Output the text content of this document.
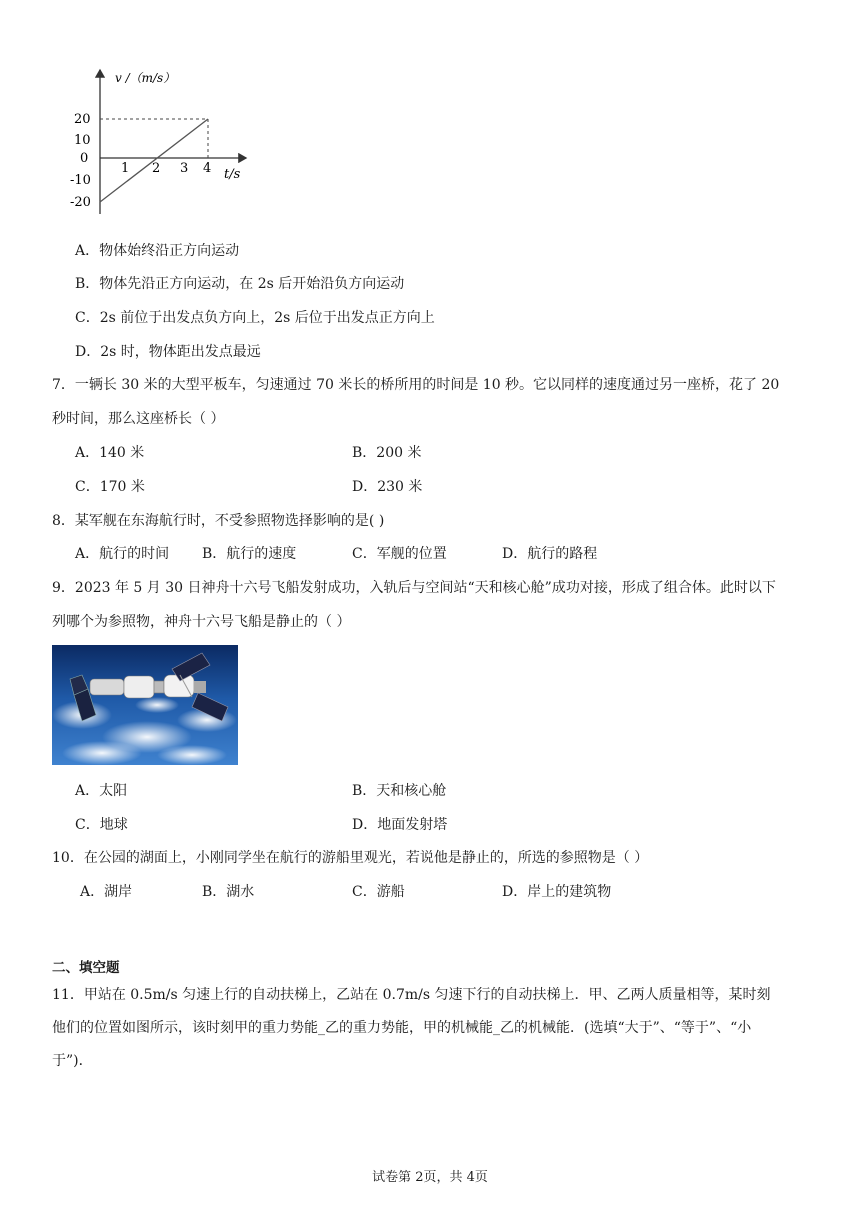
v /（m/s）
20
10
0
-10
-20
1 2 3 4 t/s
A．物体始终沿正方向运动
B．物体先沿正方向运动，在 2s 后开始沿负方向运动
C．2s 前位于出发点负方向上，2s 后位于出发点正方向上
D．2s 时，物体距出发点最远
7．一辆长 30 米的大型平板车，匀速通过 70 米长的桥所用的时间是 10 秒。它以同样的速度通过另一座桥，花了 20
秒时间，那么这座桥长（ ）
A．140 米	B．200 米
C．170 米	D．230 米
8．某军舰在东海航行时，不受参照物选择影响的是( )
A．航行的时间 B．航行的速度	C．军舰的位置	D．航行的路程
9．2023 年 5 月 30 日神舟十六号飞船发射成功，入轨后与空间站“天和核心舱”成功对接，形成了组合体。此时以下
列哪个为参照物，神舟十六号飞船是静止的（ ）
A．太阳	B．天和核心舱
C．地球	D．地面发射塔
10．在公园的湖面上，小刚同学坐在航行的游船里观光，若说他是静止的，所选的参照物是（ ）
A．湖岸	B．湖水	C．游船	D．岸上的建筑物
二、填空题
11．甲站在 0.5m/s 匀速上行的自动扶梯上，乙站在 0.7m/s 匀速下行的自动扶梯上．甲、乙两人质量相等，某时刻
他们的位置如图所示，该时刻甲的重力势能_乙的重力势能，甲的机械能_乙的机械能．(选填“大于”、“等于”、“小
于”)．
试卷第 2页，共 4页
